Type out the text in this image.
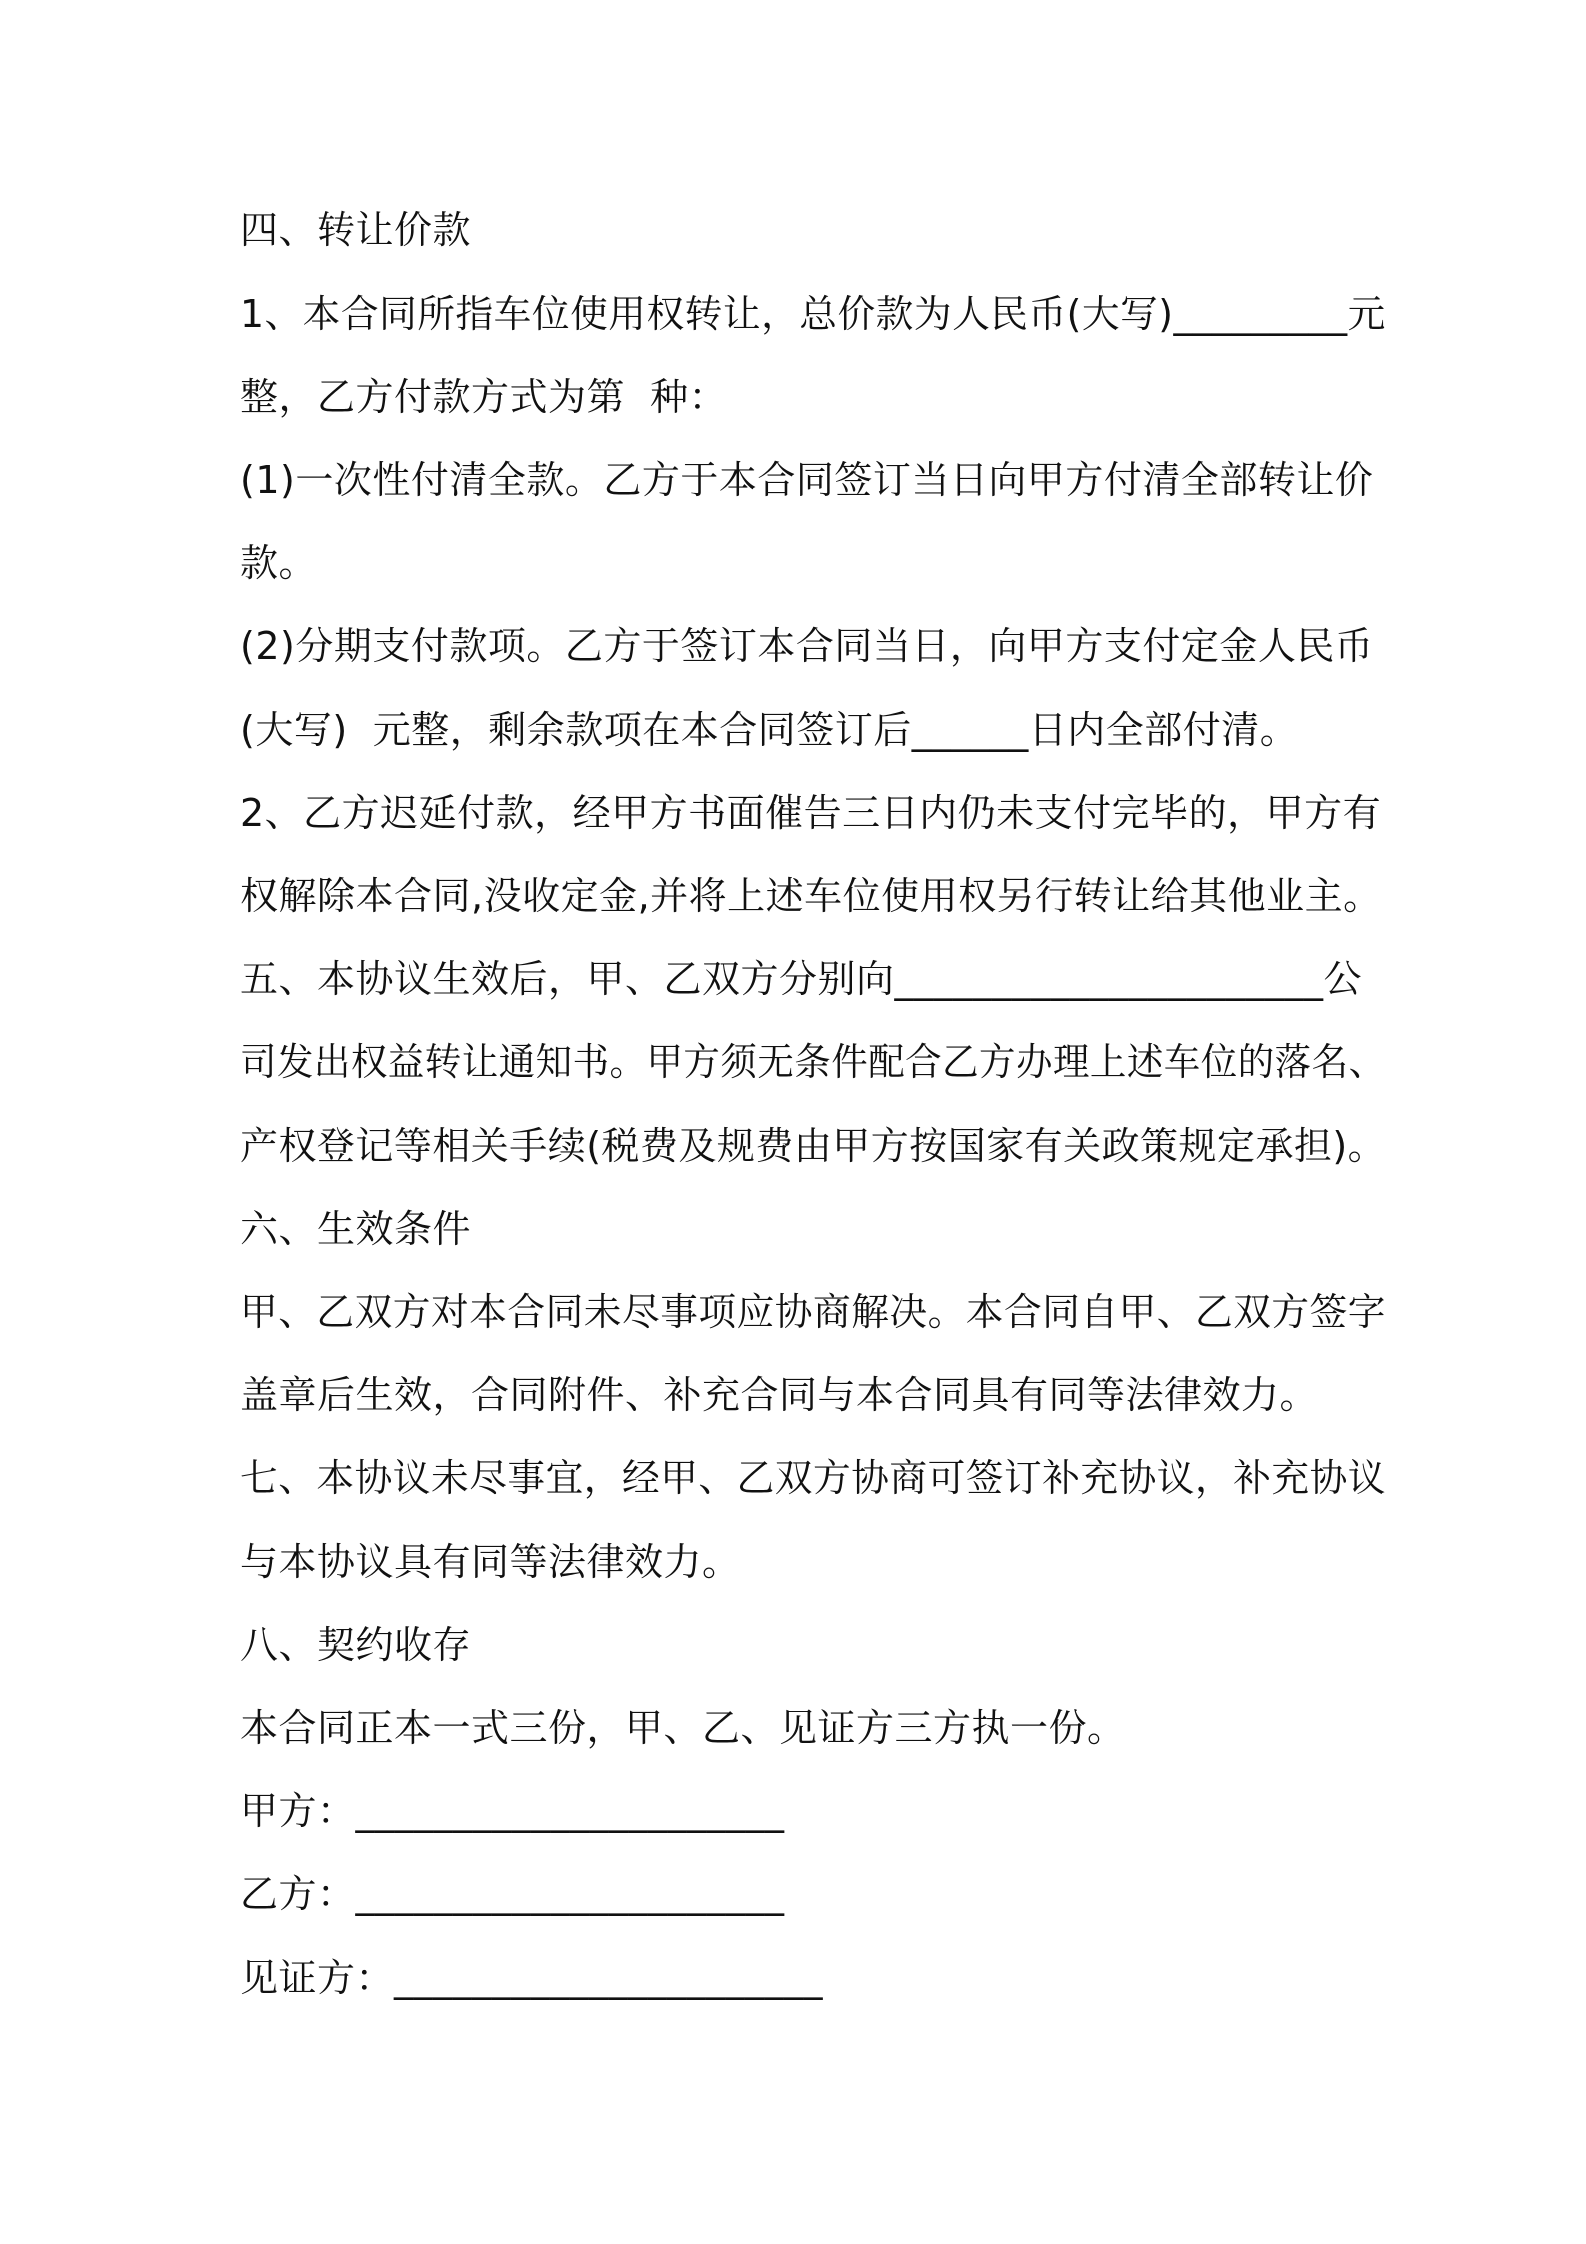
四、转让价款
1、本合同所指车位使用权转让，总价款为人民币(大写)_________元
整，乙方付款方式为第  种：
(1)一次性付清全款。乙方于本合同签订当日向甲方付清全部转让价
款。
(2)分期支付款项。乙方于签订本合同当日，向甲方支付定金人民币
(大写)  元整，剩余款项在本合同签订后______日内全部付清。
2、乙方迟延付款，经甲方书面催告三日内仍未支付完毕的，甲方有
权解除本合同,没收定金,并将上述车位使用权另行转让给其他业主。
五、本协议生效后，甲、乙双方分别向______________________公
司发出权益转让通知书。甲方须无条件配合乙方办理上述车位的落名、
产权登记等相关手续(税费及规费由甲方按国家有关政策规定承担)。
六、生效条件
甲、乙双方对本合同未尽事项应协商解决。本合同自甲、乙双方签字
盖章后生效，合同附件、补充合同与本合同具有同等法律效力。
七、本协议未尽事宜，经甲、乙双方协商可签订补充协议，补充协议
与本协议具有同等法律效力。
八、契约收存
本合同正本一式三份，甲、乙、见证方三方执一份。
甲方：______________________
乙方：______________________
见证方：______________________
